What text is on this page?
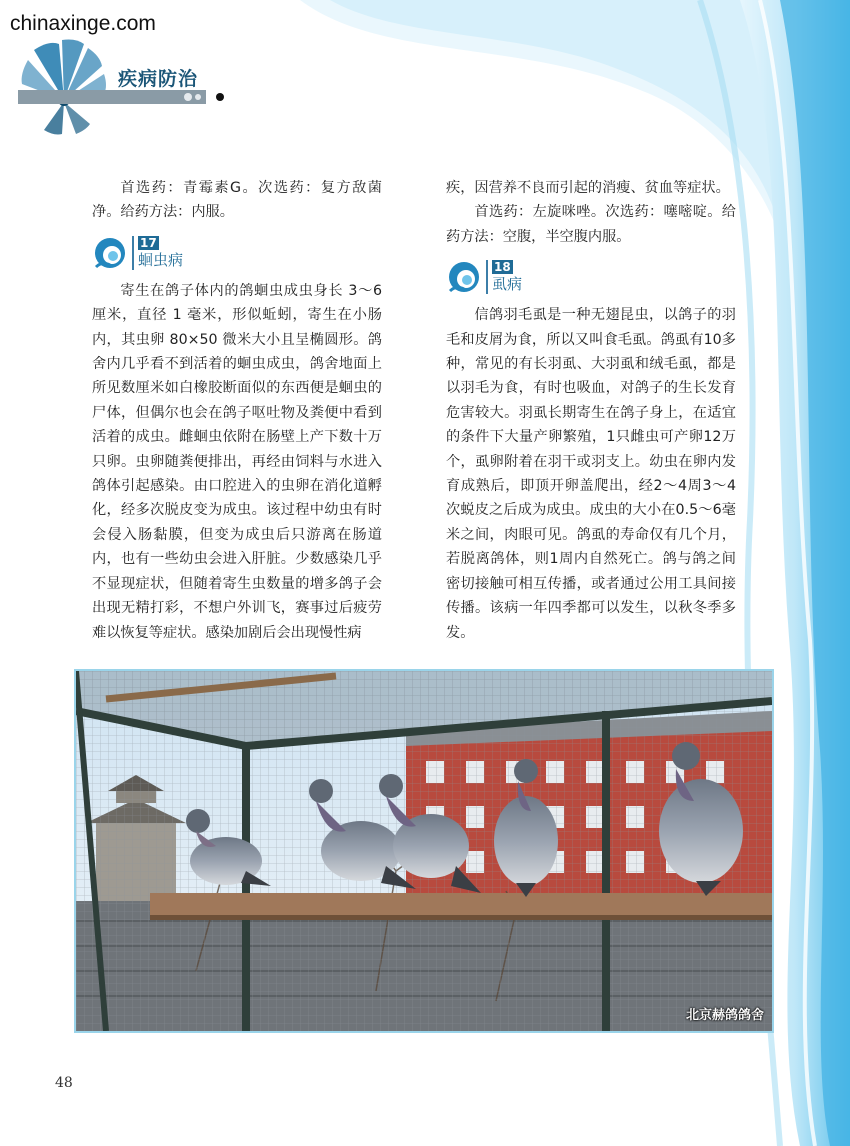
chinaxinge.com
疾病防治

首选药：青霉素G。次选药：复方敌菌净。给药方法：内服。

17
蛔虫病

寄生在鸽子体内的鸽蛔虫成虫身长 3～6 厘米，直径 1 毫米，形似蚯蚓，寄生在小肠内，其虫卵 80×50 微米大小且呈椭圆形。鸽舍内几乎看不到活着的蛔虫成虫，鸽舍地面上所见数厘米如白橡胶断面似的东西便是蛔虫的尸体，但偶尔也会在鸽子呕吐物及粪便中看到活着的成虫。雌蛔虫依附在肠壁上产下数十万只卵。虫卵随粪便排出，再经由饲料与水进入鸽体引起感染。由口腔进入的虫卵在消化道孵化，经多次脱皮变为成虫。该过程中幼虫有时会侵入肠黏膜，但变为成虫后只游离在肠道内，也有一些幼虫会进入肝脏。少数感染几乎不显现症状，但随着寄生虫数量的增多鸽子会出现无精打彩，不想户外训飞，赛事过后疲劳难以恢复等症状。感染加剧后会出现慢性病

疾，因营养不良而引起的消瘦、贫血等症状。

首选药：左旋咪唑。次选药：噻嘧啶。给药方法：空腹，半空腹内服。

18
虱病

信鸽羽毛虱是一种无翅昆虫，以鸽子的羽毛和皮屑为食，所以又叫食毛虱。鸽虱有10多种，常见的有长羽虱、大羽虱和绒毛虱，都是以羽毛为食，有时也吸血，对鸽子的生长发育危害较大。羽虱长期寄生在鸽子身上，在适宜的条件下大量产卵繁殖，1只雌虫可产卵12万个，虱卵附着在羽干或羽支上。幼虫在卵内发育成熟后，即顶开卵盖爬出，经2～4周3～4次蜕皮之后成为成虫。成虫的大小在0.5～6毫米之间，肉眼可见。鸽虱的寿命仅有几个月，若脱离鸽体，则1周内自然死亡。鸽与鸽之间密切接触可相互传播，或者通过公用工具间接传播。该病一年四季都可以发生，以秋冬季多发。

北京赫鸽鸽舍
48
